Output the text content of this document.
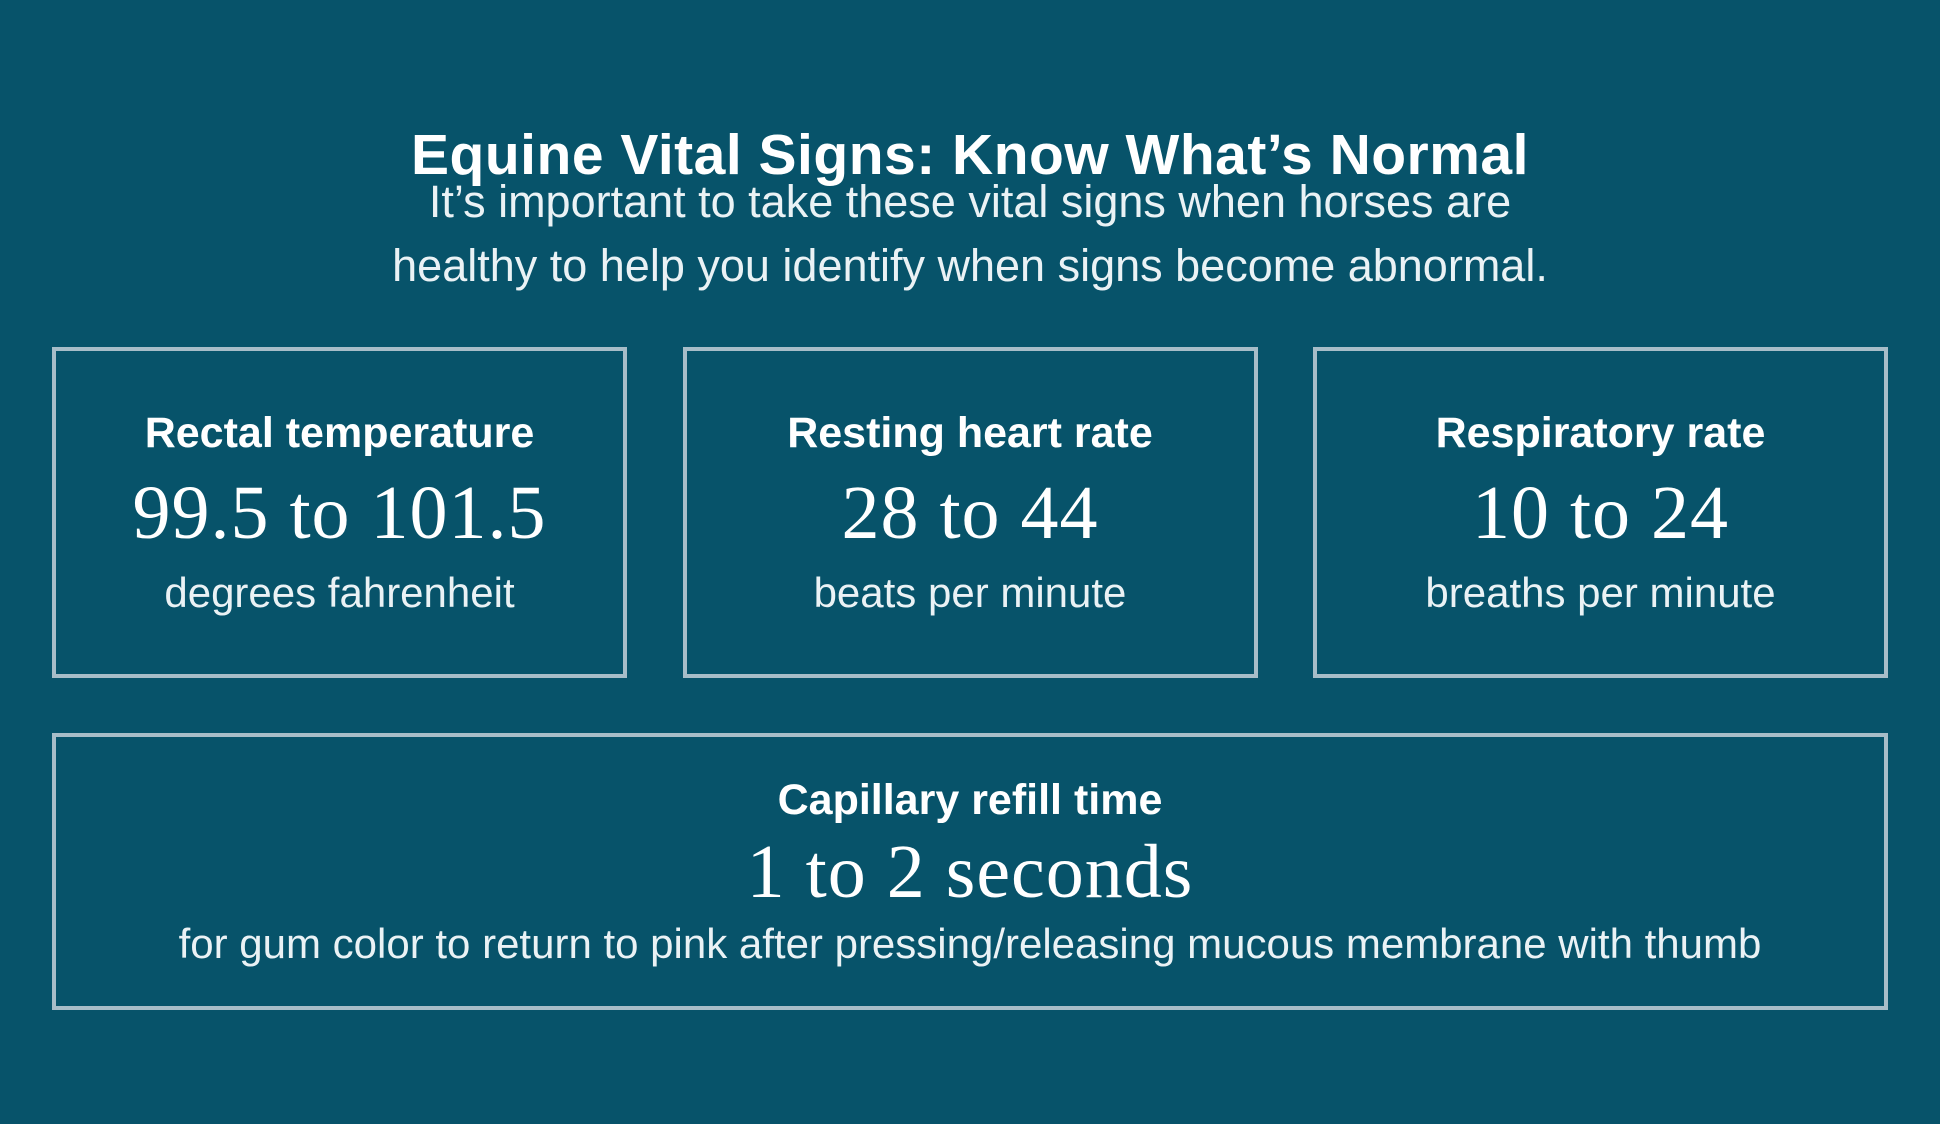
Equine Vital Signs: Know What’s Normal
It’s important to take these vital signs when horses are
healthy to help you identify when signs become abnormal.
Rectal temperature
99.5 to 101.5
degrees fahrenheit
Resting heart rate
28 to 44
beats per minute
Respiratory rate
10 to 24
breaths per minute
Capillary refill time
1 to 2 seconds
for gum color to return to pink after pressing/releasing mucous membrane with thumb
